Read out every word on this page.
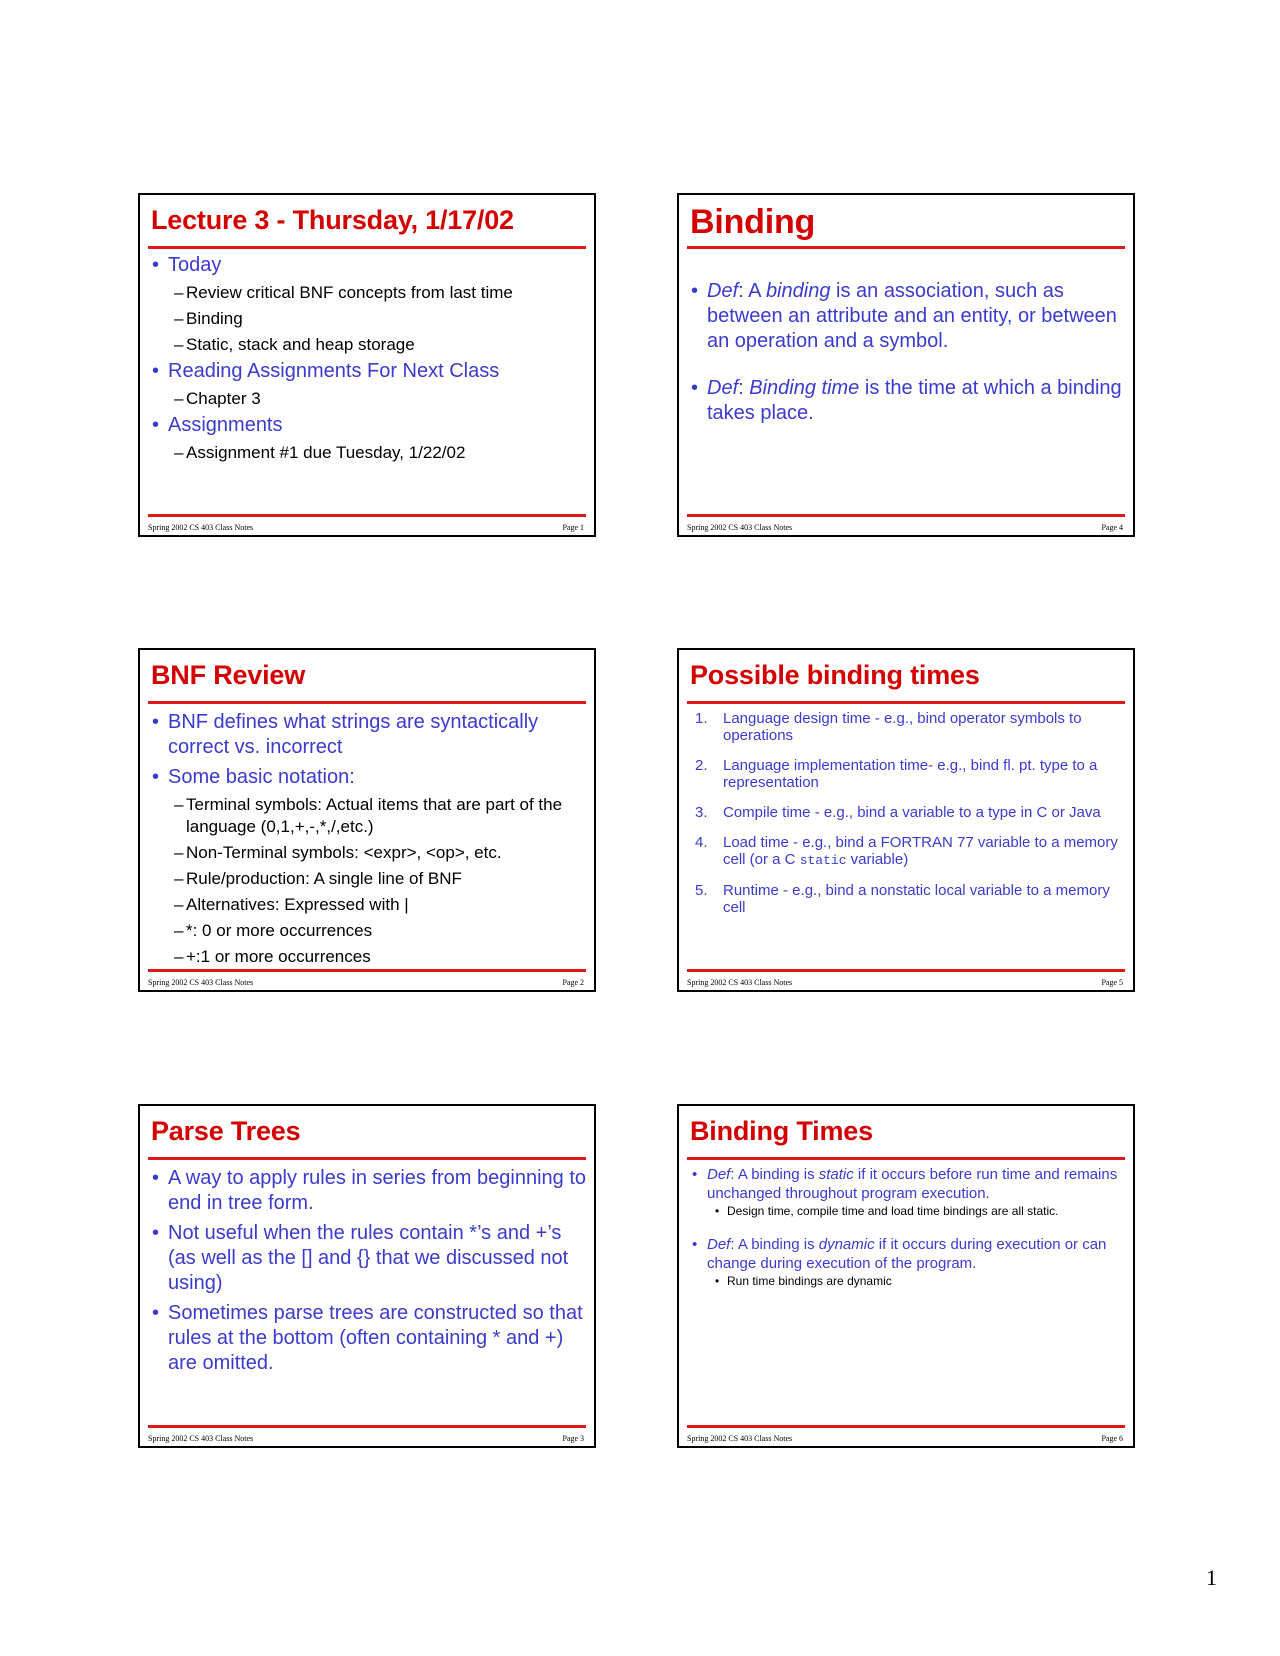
Lecture 3 - Thursday, 1/17/02
• Today
– Review critical BNF concepts from last time
– Binding
– Static, stack and heap storage
• Reading Assignments For Next Class
– Chapter 3
• Assignments
– Assignment #1 due Tuesday, 1/22/02
Spring 2002 CS 403 Class Notes	Page 1
Binding
• Def: A binding is an association, such as between an attribute and an entity, or between an operation and a symbol.
• Def: Binding time is the time at which a binding takes place.
Spring 2002 CS 403 Class Notes	Page 4
BNF Review
• BNF defines what strings are syntactically correct vs. incorrect
• Some basic notation:
– Terminal symbols: Actual items that are part of the language (0,1,+,-,*,/,etc.)
– Non-Terminal symbols: <expr>, <op>, etc.
– Rule/production: A single line of BNF
– Alternatives: Expressed with |
– *: 0 or more occurrences
– +:1 or more occurrences
Spring 2002 CS 403 Class Notes	Page 2
Possible binding times
1. Language design time - e.g., bind operator symbols to operations
2. Language implementation time- e.g., bind fl. pt. type to a representation
3. Compile time - e.g., bind a variable to a type in C or Java
4. Load time - e.g., bind a FORTRAN 77 variable to a memory cell (or a C static variable)
5. Runtime - e.g., bind a nonstatic local variable to a memory cell
Spring 2002 CS 403 Class Notes	Page 5
Parse Trees
• A way to apply rules in series from beginning to end in tree form.
• Not useful when the rules contain *’s and +’s (as well as the [] and {} that we discussed not using)
• Sometimes parse trees are constructed so that rules at the bottom (often containing * and +) are omitted.
Spring 2002 CS 403 Class Notes	Page 3
Binding Times
• Def: A binding is static if it occurs before run time and remains unchanged throughout program execution.
• Design time, compile time and load time bindings are all static.
• Def: A binding is dynamic if it occurs during execution or can change during execution of the program.
• Run time bindings are dynamic
Spring 2002 CS 403 Class Notes	Page 6
1
